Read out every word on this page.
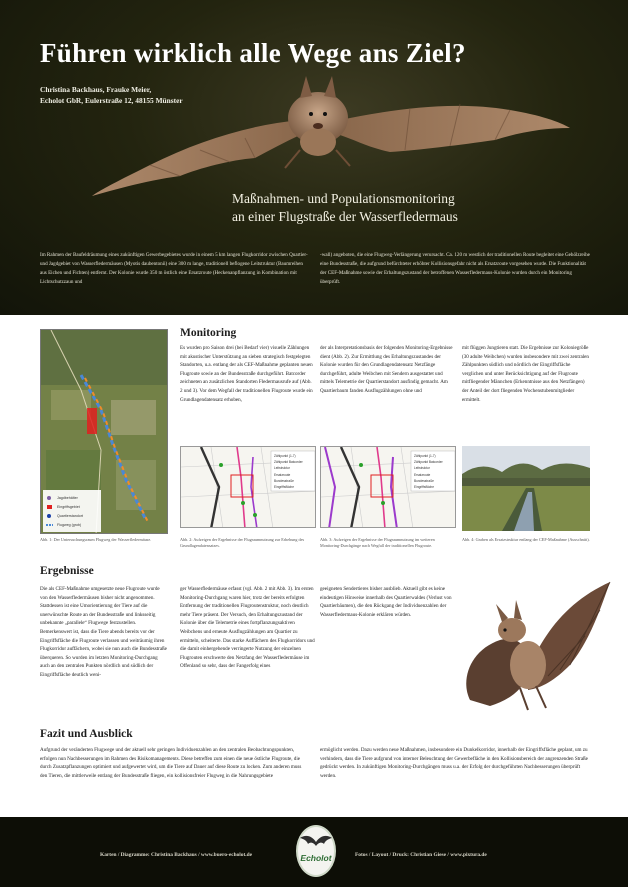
Führen wirklich alle Wege ans Ziel?
Christina Backhaus, Frauke Meier,
Echolot GbR, Eulerstraße 12, 48155 Münster
Maßnahmen- und Populationsmonitoring
an einer Flugstraße der Wasserfledermaus
Im Rahmen der Baufeldräumung eines zukünftigen Gewerbegebietes wurde in einem 5 km langen Flugkorridor zwischen Quartier- und Jagdgebiet von Wasserfledermäusen (Myotis daubentonii) eine 300 m lange, traditionell beflogene Leitstruktur (Baumreihen aus Eichen und Fichten) entfernt. Der Kolonie wurde 350 m östlich eine Ersatzroute (Heckenanpflanzung in Kombination mit Lichtschutzzaun und
-wall) angeboten, die eine Flugweg-Verlängerung verursacht. Ca. 120 m westlich der traditionellen Route begleitet eine Gehölzreihe eine Bundesstraße, die aufgrund befürchteter erhöhter Kollisionsgefahr nicht als Ersatzroute vorgesehen wurde. Die Funktionalität der CEF-Maßnahme sowie der Erhaltungszustand der betroffenen Wasserfledermaus-Kolonie wurden durch ein Monitoring überprüft.
Jagdbehälter
Eingriffsgebiet
Quartierstandort
Flugweg (grob)
Abb. 1: Der Untersuchungsraum Flugweg der Wasserfledermäuse.
Monitoring
Es wurden pro Saison drei (bei Bedarf vier) visuelle Zählungen mit akustischer Unterstützung an sieben strategisch festgelegten Standorten, u.a. entlang der als CEF-Maßnahme geplanten neuen Flugroute sowie an der Bundesstraße durchgeführt. Batcorder zeichneten an zusätzlichen Standorten Fledermausrufe auf (Abb. 2 und 3). Vor dem Wegfall der traditionellen Flugroute wurde ein Grundlagendatensatz erhoben,
der als Interpretationsbasis der folgenden Monitoring-Ergebnisse dient (Abb. 2). Zur Ermittlung des Erhaltungszustandes der Kolonie wurden für den Grundlagendatensatz Netzfänge durchgeführt, adulte Weibchen mit Sendern ausgestattet und mittels Telemetrie der Quartierstandort ausfindig gemacht. Am Quartierbaum fanden Ausflugzählungen ohne und
mit flüggen Jungtieren statt. Die Ergebnisse zur Koloniegröße (30 adulte Weibchen) wurden insbesondere mit zwei zentralen Zählpunkten südlich und nördlich der Eingriffsfläche verglichen und unter Berücksichtigung auf der Flugroute mitfliegender Männchen (Erkenntnisse aus den Netzfängen) der Anteil der dort fliegenden Wochenstubenmitglieder ermittelt.
Zählpunkt (1-7)
Zählpunkt Batcorder
Leitstruktur
Ersatzroute
Bundesstraße
Eingriffsfläche
Abb. 2: Aufzeigen der Ergebnisse der Flugraumnutzung zur Erhebung des Grundlagendatensatzes.
Zählpunkt (1-7)
Zählpunkt Batcorder
Leitstruktur
Ersatzroute
Bundesstraße
Eingriffsfläche
Abb. 3: Aufzeigen der Ergebnisse der Flugraumnutzung im weiteren Monitoring-Durchgänge nach Wegfall der traditionellen Flugroute.
Abb. 4: Graben als Ersatzstruktur entlang der CEF-Maßnahme (Ausschnitt).
Ergebnisse
Die als CEF-Maßnahme umgesetzte neue Flugroute wurde von den Wasserfledermäusen bisher nicht angenommen. Stattdessen ist eine Umorientierung der Tiere auf die unerwünschte Route an der Bundesstraße und linksseitig unbekannte „parallele“ Flugwege festzustellen. Bemerkenswert ist, dass die Tiere abends bereits vor der Eingriffsfläche die Flugroute verlassen und weiträumig ihren Flugkorridor auffächern, wobei sie nun auch die Bundesstraße überqueren. So wurden im letzten Monitoring-Durchgang auch an den zentralen Punkten nördlich und südlich der Eingriffsfläche deutlich weni-
ger Wasserfledermäuse erfasst (vgl. Abb. 2 mit Abb. 3). Im ersten Monitoring-Durchgang waren hier, trotz der bereits erfolgten Entfernung der traditionellen Flugroutenstruktur, noch deutlich mehr Tiere präsent. Der Versuch, den Erhaltungszustand der Kolonie über die Telemetrie eines fortpflanzungsaktiven Weibchens und erneute Ausflugzählungen am Quartier zu ermitteln, scheiterte. Das starke Auffächern des Flugkorridors und die damit einhergehende verringerte Nutzung der einzelnen Flugrouten erschwerte den Netzfang der Wasserfledermäuse im Offenland so sehr, dass der Fangerfolg eines
geeigneten Sendertieres bisher ausblieb. Aktuell gibt es keine eindeutigen Hinweise innerhalb des Quartierwaldes (Verlust von Quartierbäumen), die den Rückgang der Individuenzahlen der Wasserfledermaus-Kolonie erklären würden.
Fazit und Ausblick
Aufgrund der veränderten Flugwege und der aktuell sehr geringen Individuenzahlen an den zentralen Beobachtungspunkten, erfolgen nun Nachbesserungen im Rahmen des Risikomanagements. Diese betreffen zum einen die neue östliche Flugroute, die durch Zusatzpflanzungen optimiert und aufgewertet wird, um die Tiere auf Dauer auf diese Route zu locken. Zum anderen muss den Tieren, die mittlerweile entlang der Bundesstraße fliegen, ein kollisionsfreier Flugweg in die Nahrungsgebiete
ermöglicht werden. Dazu werden neue Maßnahmen, insbesondere ein Dunkelkorridor, innerhalb der Eingriffsfläche geplant, um zu verhindern, dass die Tiere aufgrund von interner Beleuchtung der Gewerbefläche in den Kollisionsbereich der angrenzenden Straße gedrückt werden. In zukünftigen Monitoring-Durchgängen muss u.a. der Erfolg der durchgeführten Nachbesserungen überprüft werden.
Karten / Diagramme: Christina Backhaus / www.buero-echolot.de	Echolot	Fotos / Layout / Druck: Christian Giese / www.pixtura.de
